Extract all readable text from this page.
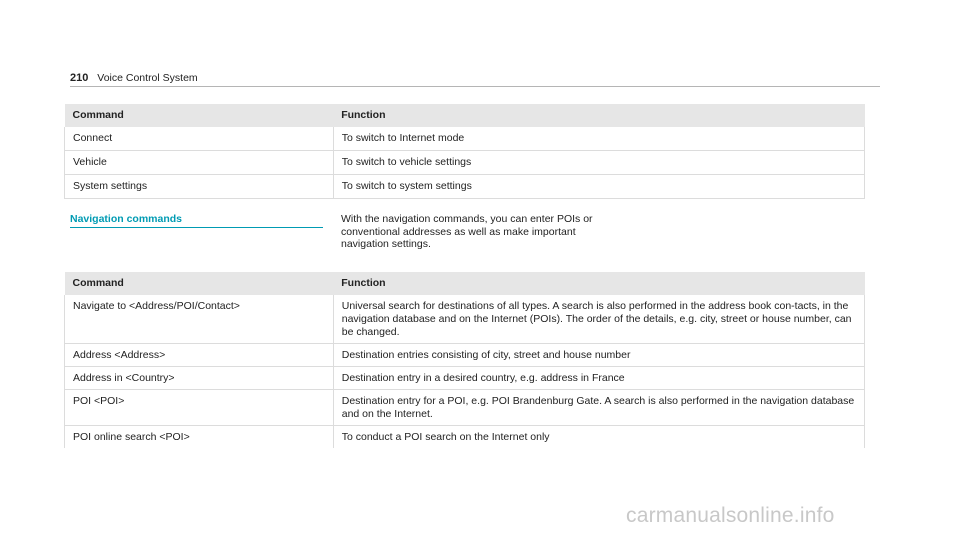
210 Voice Control System
Command	Function
Connect	To switch to Internet mode
Vehicle	To switch to vehicle settings
System settings	To switch to system settings
Navigation commands	With the navigation commands, you can enter POIs or conventional addresses as well as make important navigation settings.
Command	Function
Navigate to <Address/POI/Contact>	Universal search for destinations of all types. A search is also performed in the address book con-tacts, in the navigation database and on the Internet (POIs). The order of the details, e.g. city, street or house number, can be changed.
Address <Address>	Destination entries consisting of city, street and house number
Address in <Country>	Destination entry in a desired country, e.g. address in France
POI <POI>	Destination entry for a POI, e.g. POI Brandenburg Gate. A search is also performed in the navigation database and on the Internet.
POI online search <POI>	To conduct a POI search on the Internet only
carmanualsonline.info
